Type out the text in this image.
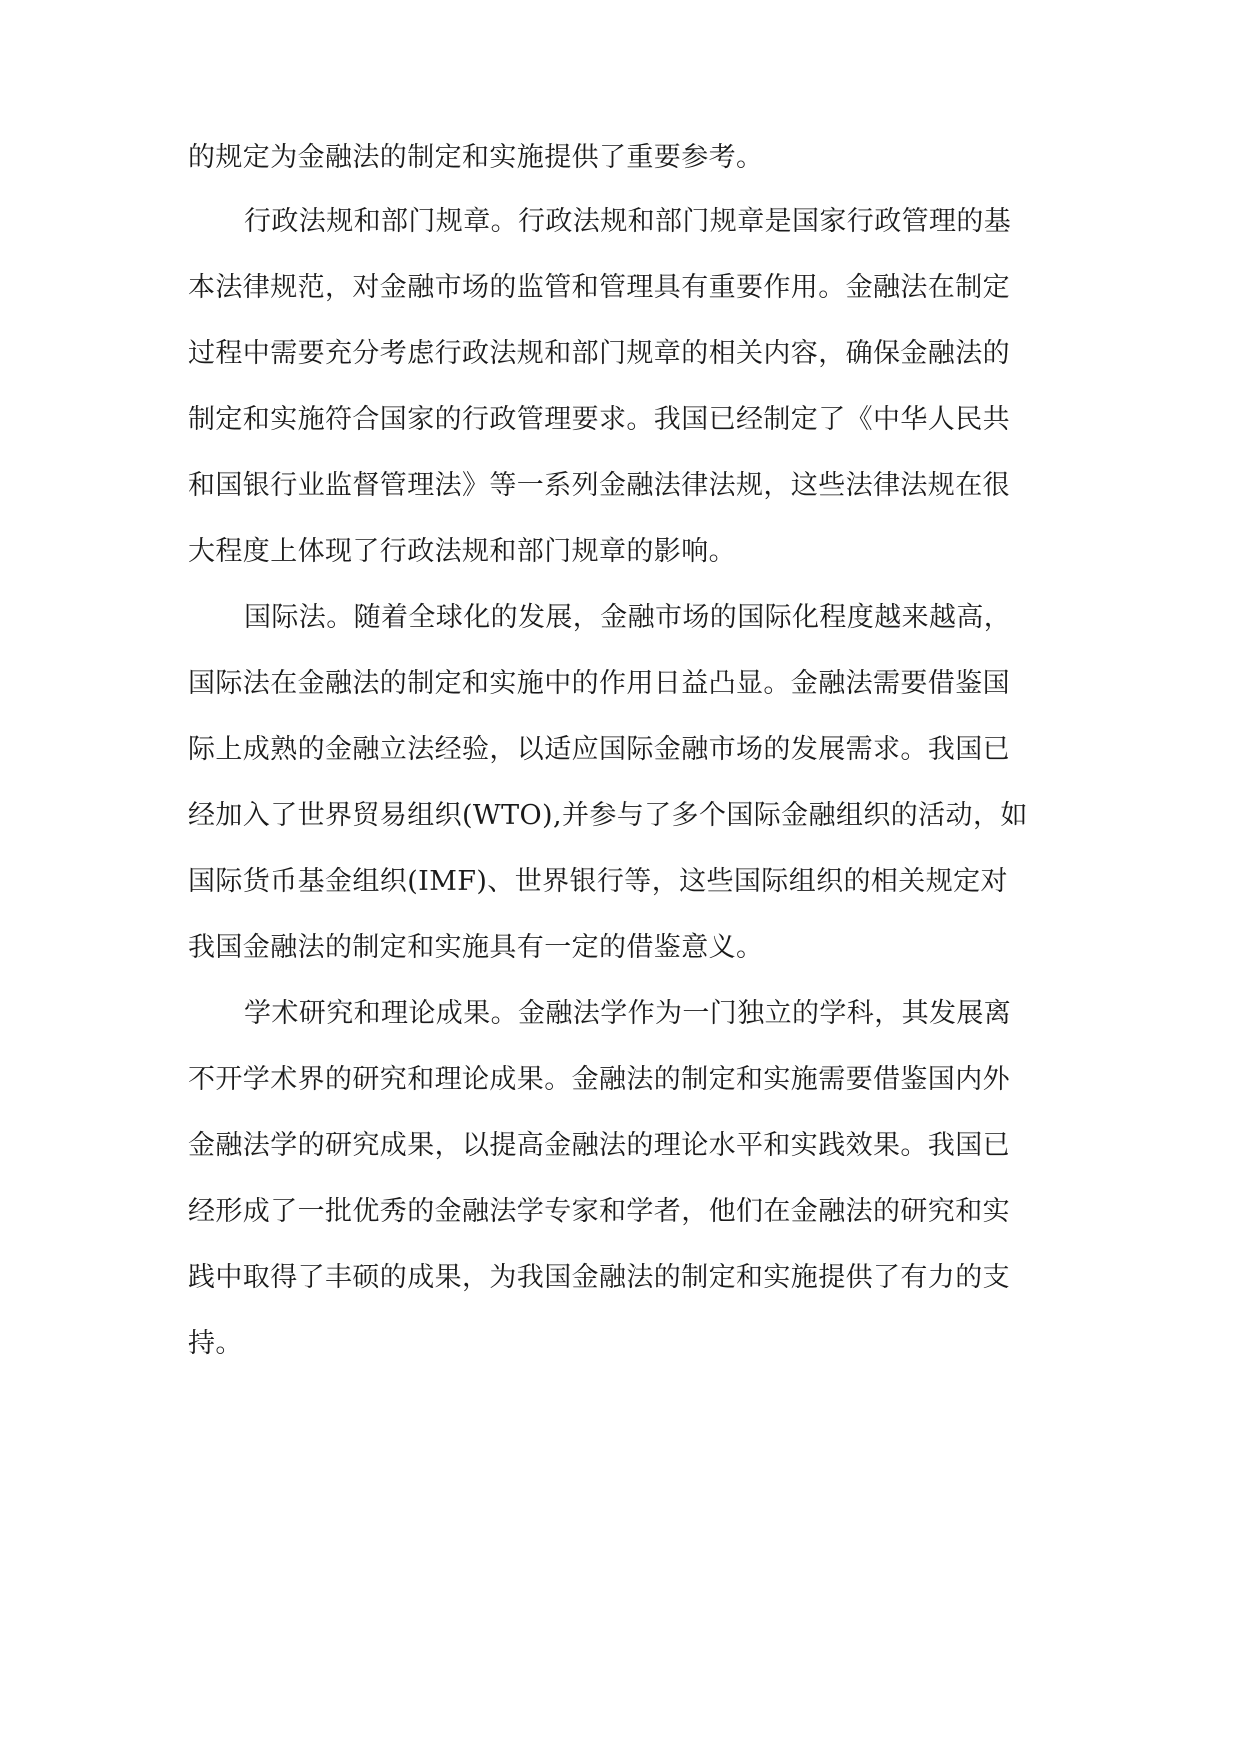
的规定为金融法的制定和实施提供了重要参考。
行政法规和部门规章。行政法规和部门规章是国家行政管理的基
本法律规范，对金融市场的监管和管理具有重要作用。金融法在制定
过程中需要充分考虑行政法规和部门规章的相关内容，确保金融法的
制定和实施符合国家的行政管理要求。我国已经制定了《中华人民共
和国银行业监督管理法》等一系列金融法律法规，这些法律法规在很
大程度上体现了行政法规和部门规章的影响。
国际法。随着全球化的发展，金融市场的国际化程度越来越高，
国际法在金融法的制定和实施中的作用日益凸显。金融法需要借鉴国
际上成熟的金融立法经验，以适应国际金融市场的发展需求。我国已
经加入了世界贸易组织(WTO),并参与了多个国际金融组织的活动，如
国际货币基金组织(IMF)、世界银行等，这些国际组织的相关规定对
我国金融法的制定和实施具有一定的借鉴意义。
学术研究和理论成果。金融法学作为一门独立的学科，其发展离
不开学术界的研究和理论成果。金融法的制定和实施需要借鉴国内外
金融法学的研究成果，以提高金融法的理论水平和实践效果。我国已
经形成了一批优秀的金融法学专家和学者，他们在金融法的研究和实
践中取得了丰硕的成果，为我国金融法的制定和实施提供了有力的支
持。
